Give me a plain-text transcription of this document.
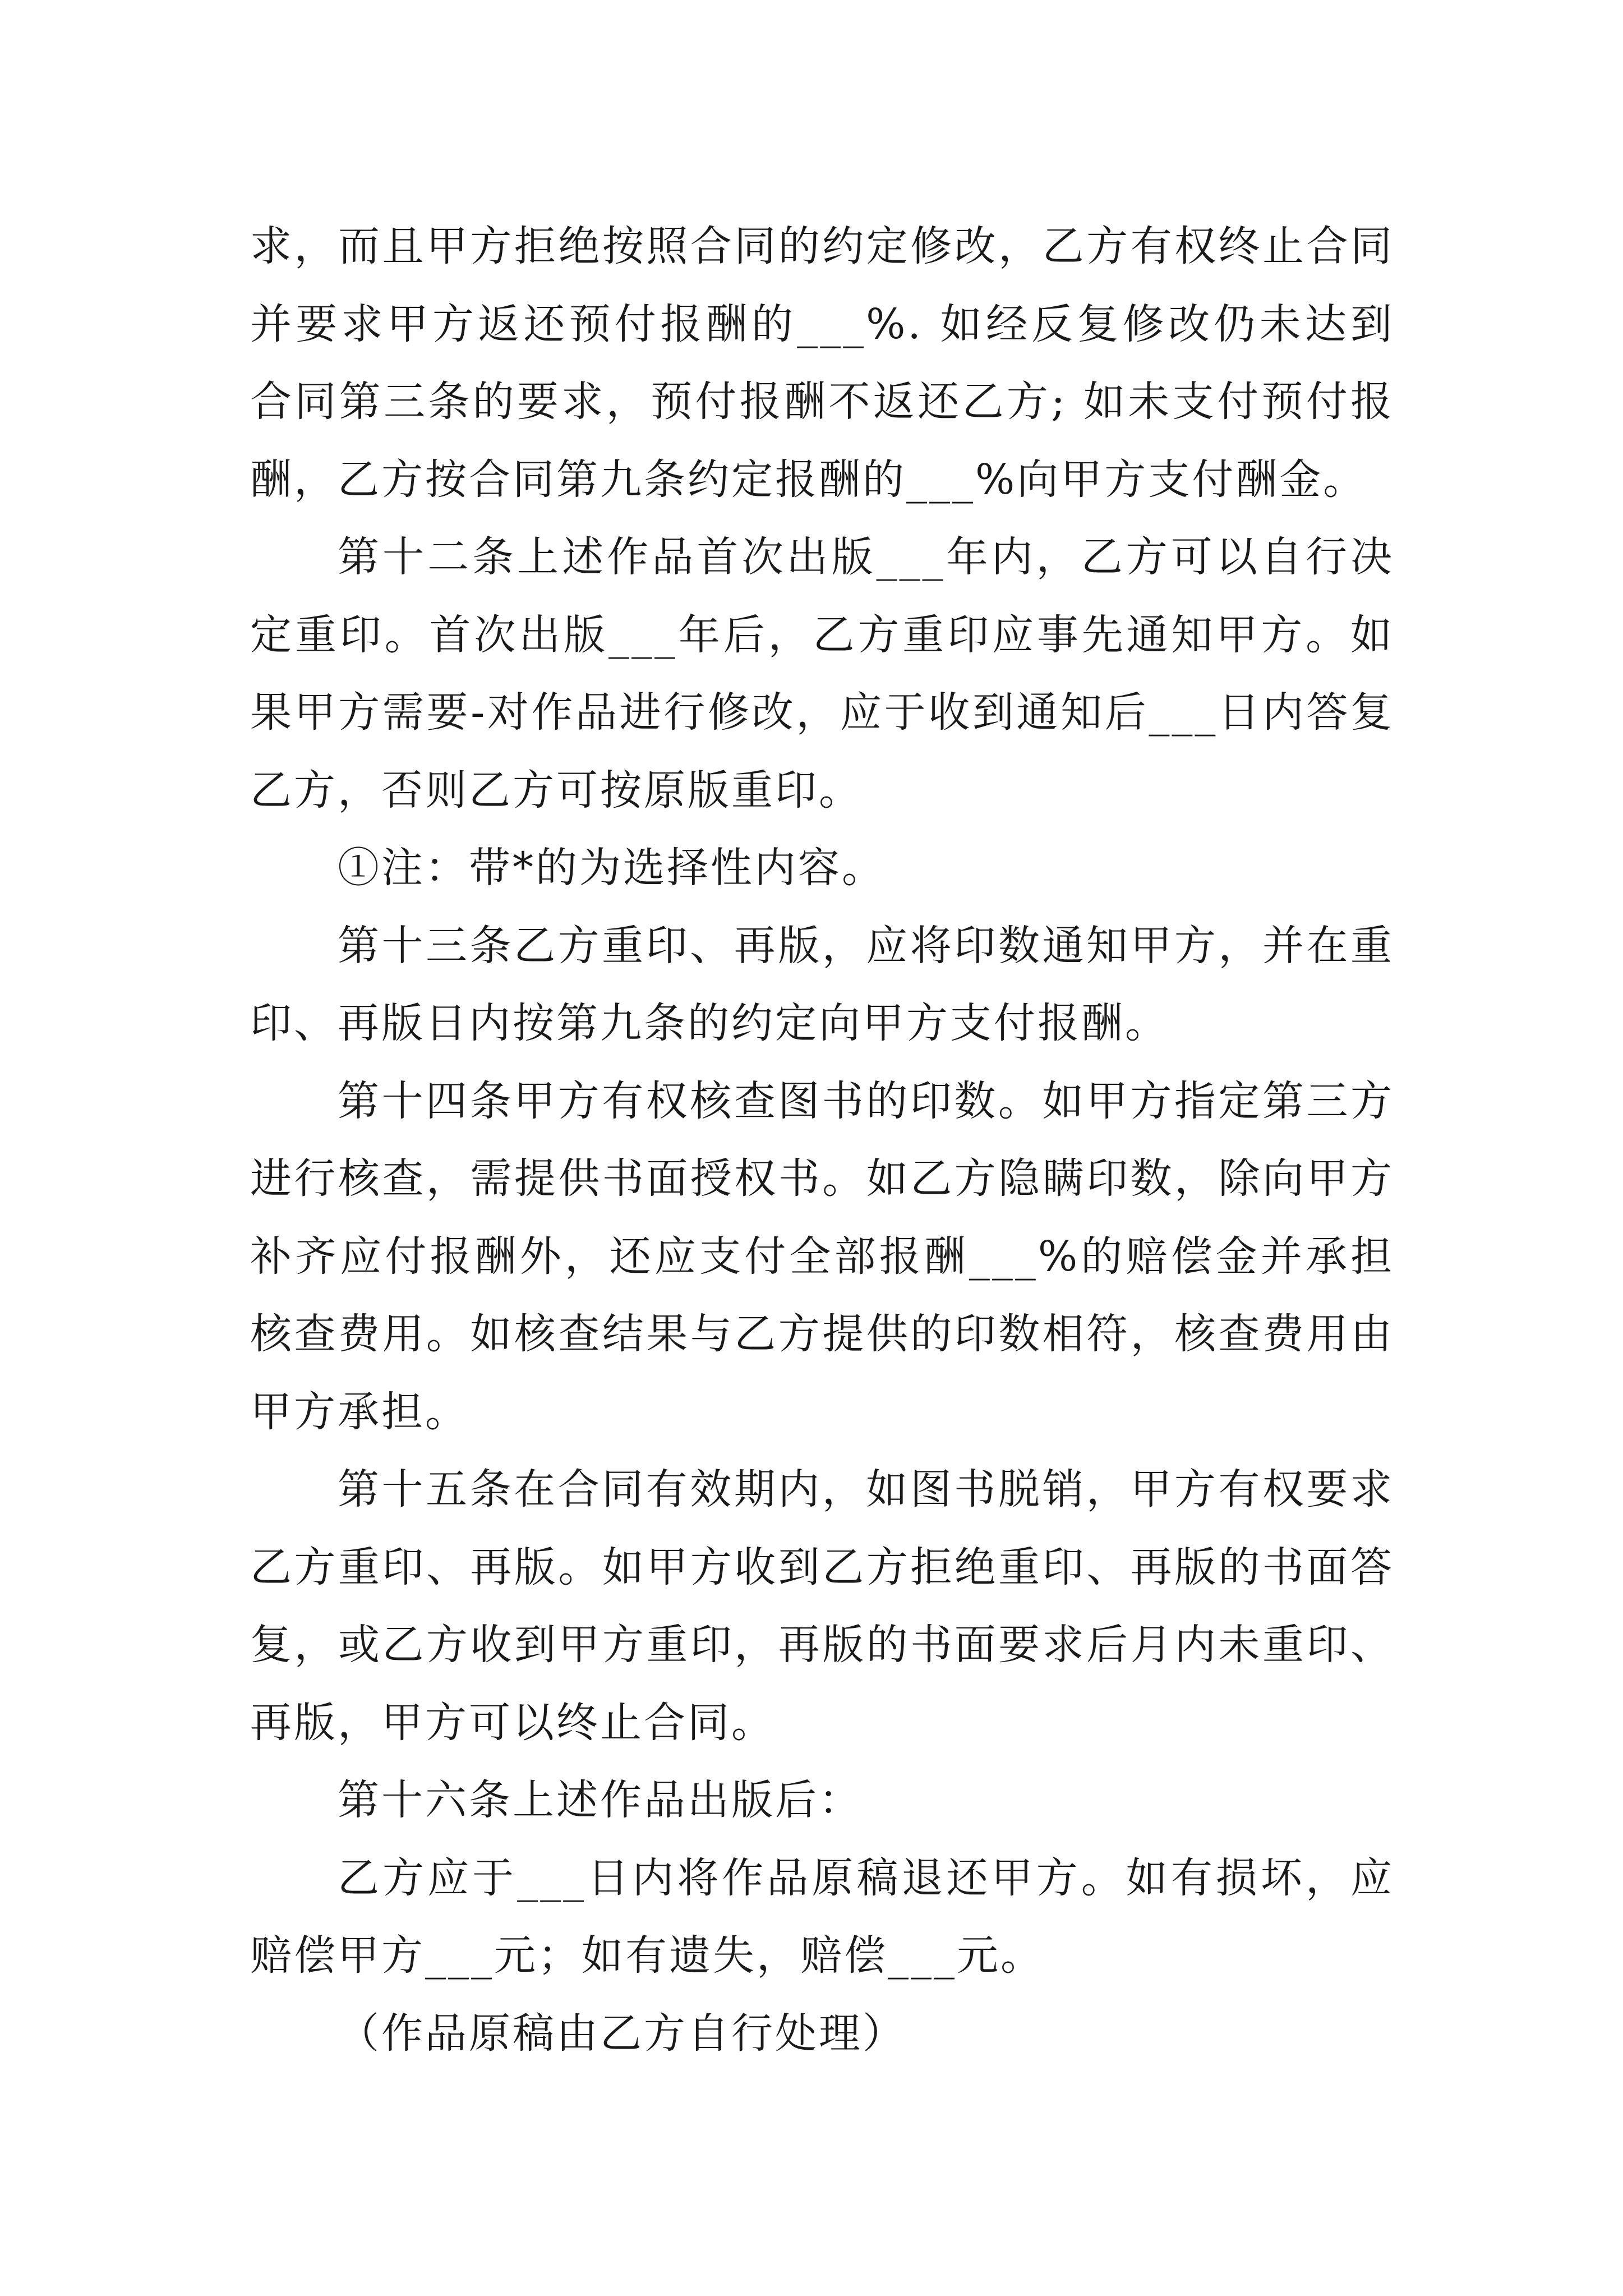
求，而且甲方拒绝按照合同的约定修改，乙方有权终止合同并要求甲方返还预付报酬的___%. 如经反复修改仍未达到合同第三条的要求，预付报酬不返还乙方; 如未支付预付报酬，乙方按合同第九条约定报酬的___%向甲方支付酬金。

第十二条上述作品首次出版___年内，乙方可以自行决定重印。首次出版___年后，乙方重印应事先通知甲方。如果甲方需要-对作品进行修改，应于收到通知后___日内答复乙方，否则乙方可按原版重印。

①注：带*的为选择性内容。

第十三条乙方重印、再版，应将印数通知甲方，并在重印、再版日内按第九条的约定向甲方支付报酬。

第十四条甲方有权核查图书的印数。如甲方指定第三方进行核查，需提供书面授权书。如乙方隐瞒印数，除向甲方补齐应付报酬外，还应支付全部报酬___%的赔偿金并承担核查费用。如核查结果与乙方提供的印数相符，核查费用由甲方承担。

第十五条在合同有效期内，如图书脱销，甲方有权要求乙方重印、再版。如甲方收到乙方拒绝重印、再版的书面答复，或乙方收到甲方重印，再版的书面要求后月内未重印、再版，甲方可以终止合同。

第十六条上述作品出版后：

乙方应于___日内将作品原稿退还甲方。如有损坏，应赔偿甲方___元；如有遗失，赔偿___元。

（作品原稿由乙方自行处理）
